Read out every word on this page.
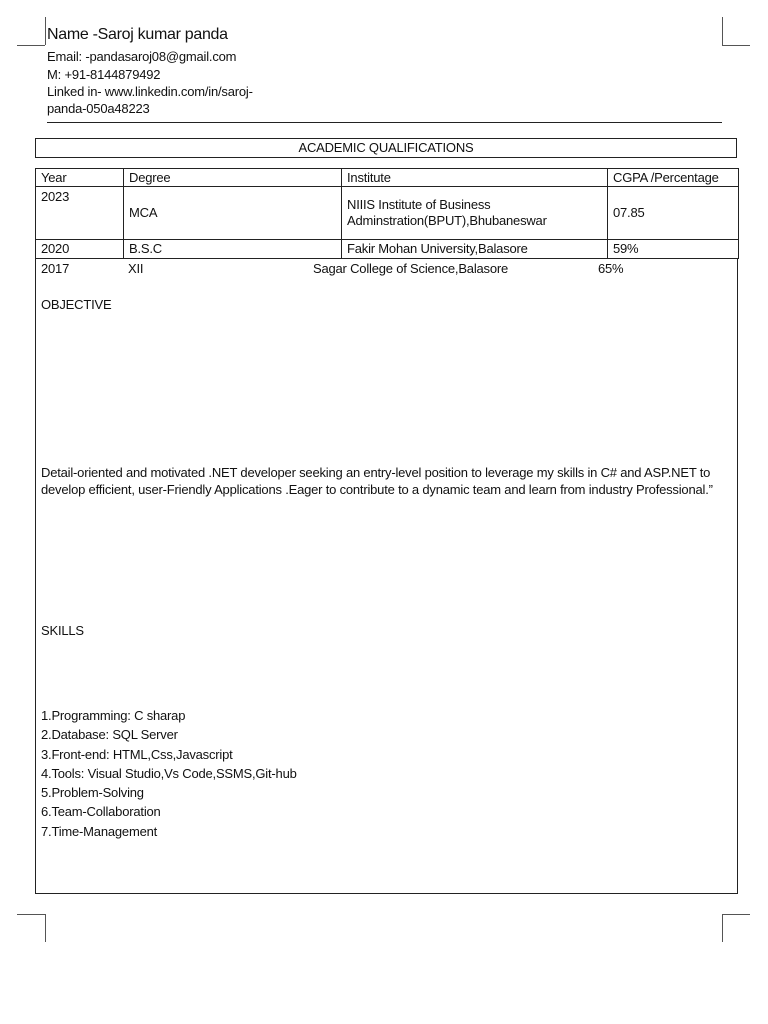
Name -Saroj kumar panda
Email: -pandasaroj08@gmail.com
M: +91-8144879492
Linked in- www.linkedin.com/in/saroj-
panda-050a48223
ACADEMIC QUALIFICATIONS
Year	Degree	Institute	CGPA /Percentage
2023	MCA	NIIIS Institute of Business
Adminstration(BPUT),Bhubaneswar	07.85
2020	B.S.C	Fakir Mohan University,Balasore	59%
2017	XII	Sagar College of Science,Balasore	65%
OBJECTIVE
Detail-oriented and motivated .NET developer seeking an entry-level position to leverage my skills in C# and ASP.NET to develop efficient, user-Friendly Applications .Eager to contribute to a dynamic team and learn from industry Professional.”
SKILLS
1.Programming: C sharap
2.Database: SQL Server
3.Front-end: HTML,Css,Javascript
4.Tools: Visual Studio,Vs Code,SSMS,Git-hub
5.Problem-Solving
6.Team-Collaboration
7.Time-Management
